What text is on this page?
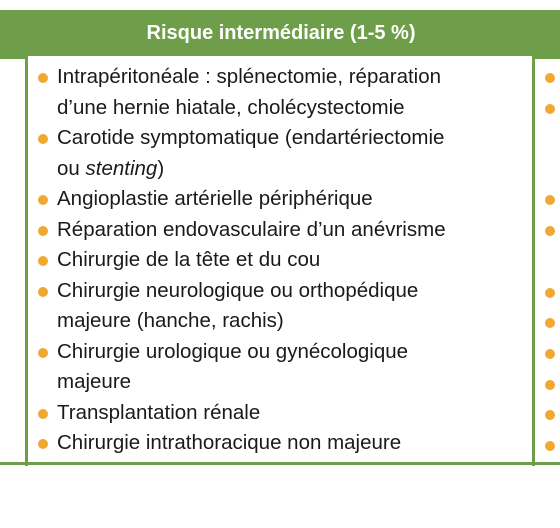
Risque intermédiaire (1-5 %)
Intrapéritonéale : splénectomie, réparation
d’une hernie hiatale, cholécystectomie
Carotide symptomatique (endartériectomie
ou stenting)
Angioplastie artérielle périphérique
Réparation endovasculaire d’un anévrisme
Chirurgie de la tête et du cou
Chirurgie neurologique ou orthopédique
majeure (hanche, rachis)
Chirurgie urologique ou gynécologique
majeure
Transplantation rénale
Chirurgie intrathoracique non majeure
